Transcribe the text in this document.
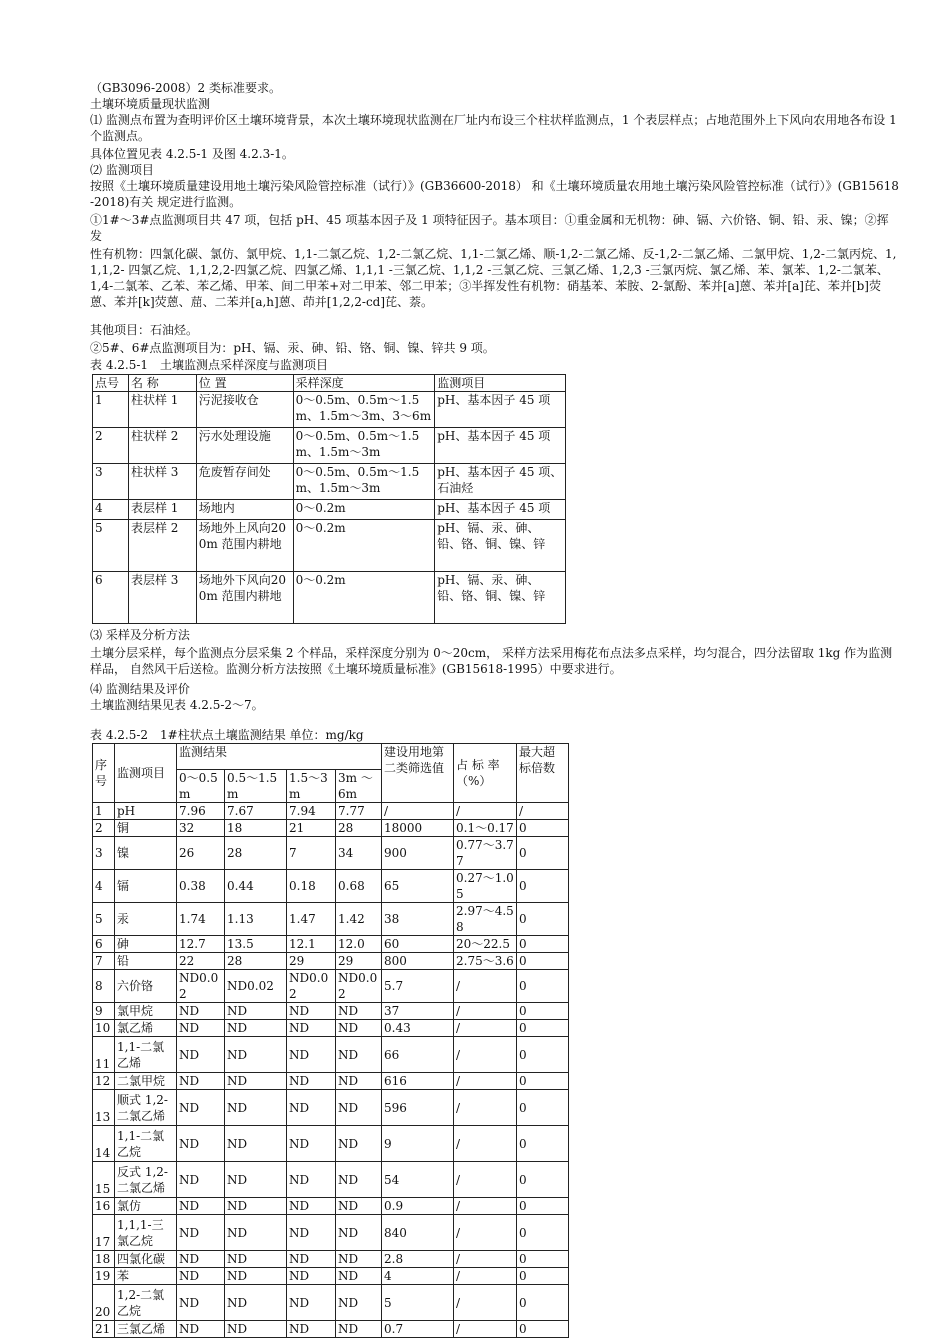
（GB3096-2008）2 类标准要求。

土壤环境质量现状监测

⑴ 监测点布置为查明评价区土壤环境背景，本次土壤环境现状监测在厂址内布设三个柱状样监测点，1 个表层样点；占地范围外上下风向农用地各布设 1 个监测点。

具体位置见表 4.2.5-1 及图 4.2.3-1。

⑵ 监测项目

按照《土壤环境质量建设用地土壤污染风险管控标准（试行）》(GB36600-2018） 和《土壤环境质量农用地土壤污染风险管控标准（试行）》(GB15618-2018)有关 规定进行监测。

①1#～3#点监测项目共 47 项，包括 pH、45 项基本因子及 1 项特征因子。基本项目：①重金属和无机物：砷、镉、六价铬、铜、铅、汞、镍；②挥发

性有机物：四氯化碳、氯仿、氯甲烷、1,1-二氯乙烷、1,2-二氯乙烷、1,1-二氯乙烯、顺-1,2-二氯乙烯、反-1,2-二氯乙烯、二氯甲烷、1,2-二氯丙烷、1,1,1,2- 四氯乙烷、1,1,2,2-四氯乙烷、四氯乙烯、1,1,1 -三氯乙烷、1,1,2 -三氯乙烷、三氯乙烯、1,2,3 -三氯丙烷、氯乙烯、苯、氯苯、1,2-二氯苯、1,4-二氯苯、乙苯、苯乙烯、甲苯、间二甲苯+对二甲苯、邻二甲苯；③半挥发性有机物：硝基苯、苯胺、2-氯酚、苯并[a]蒽、苯并[a]芘、苯并[b]荧蒽、苯并[k]荧蒽、䓛、二苯并[a,h]蒽、茚并[1,2,2-cd]芘、萘。

其他项目：石油烃。

②5#、6#点监测项目为：pH、镉、汞、砷、铅、铬、铜、镍、锌共 9 项。

表 4.2.5-1　土壤监测点采样深度与监测项目

点号	名 称	位 置	采样深度	监测项目
1	柱状样 1	污泥接收仓	0～0.5m、0.5m～1.5m、1.5m～3m、3～6m	pH、基本因子 45 项
2	柱状样 2	污水处理设施	0～0.5m、0.5m～1.5m、1.5m～3m	pH、基本因子 45 项
3	柱状样 3	危废暂存间处	0～0.5m、0.5m～1.5m、1.5m～3m	pH、基本因子 45 项、石油烃
4	表层样 1	场地内	0～0.2m	pH、基本因子 45 项
5	表层样 2	场地外上风向200m 范围内耕地	0～0.2m	pH、镉、汞、砷、铅、铬、铜、镍、锌
6	表层样 3	场地外下风向200m 范围内耕地	0～0.2m	pH、镉、汞、砷、铅、铬、铜、镍、锌

⑶ 采样及分析方法

土壤分层采样，每个监测点分层采集 2 个样品，采样深度分别为 0～20cm， 采样方法采用梅花布点法多点采样，均匀混合，四分法留取 1kg 作为监测样品， 自然风干后送检。监测分析方法按照《土壤环境质量标准》(GB15618-1995）中要求进行。

⑷ 监测结果及评价

土壤监测结果见表 4.2.5-2～7。

表 4.2.5-2　1#柱状点土壤监测结果 单位：mg/kg

序号	监测项目	监测结果				建设用地第二类筛选值	占 标 率（%）	最大超标倍数
		0～0.5m	0.5～1.5m	1.5～3m	3m ～6m			
1	pH	7.96	7.67	7.94	7.77	/	/	/
2	铜	32	18	21	28	18000	0.1～0.17	0
3	镍	26	28	7	34	900	0.77～3.77	0
4	镉	0.38	0.44	0.18	0.68	65	0.27～1.05	0
5	汞	1.74	1.13	1.47	1.42	38	2.97～4.58	0
6	砷	12.7	13.5	12.1	12.0	60	20～22.5	0
7	铅	22	28	29	29	800	2.75～3.6	0
8	六价铬	ND0.02	ND0.02	ND0.02	ND0.02	5.7	/	0
9	氯甲烷	ND	ND	ND	ND	37	/	0
10	氯乙烯	ND	ND	ND	ND	0.43	/	0
11	1,1-二氯乙烯	ND	ND	ND	ND	66	/	0
12	二氯甲烷	ND	ND	ND	ND	616	/	0
13	顺式 1,2-二氯乙烯	ND	ND	ND	ND	596	/	0
14	1,1-二氯乙烷	ND	ND	ND	ND	9	/	0
15	反式 1,2-二氯乙烯	ND	ND	ND	ND	54	/	0
16	氯仿	ND	ND	ND	ND	0.9	/	0
17	1,1,1-三氯乙烷	ND	ND	ND	ND	840	/	0
18	四氯化碳	ND	ND	ND	ND	2.8	/	0
19	苯	ND	ND	ND	ND	4	/	0
20	1,2-二氯乙烷	ND	ND	ND	ND	5	/	0
21	三氯乙烯	ND	ND	ND	ND	0.7	/	0
